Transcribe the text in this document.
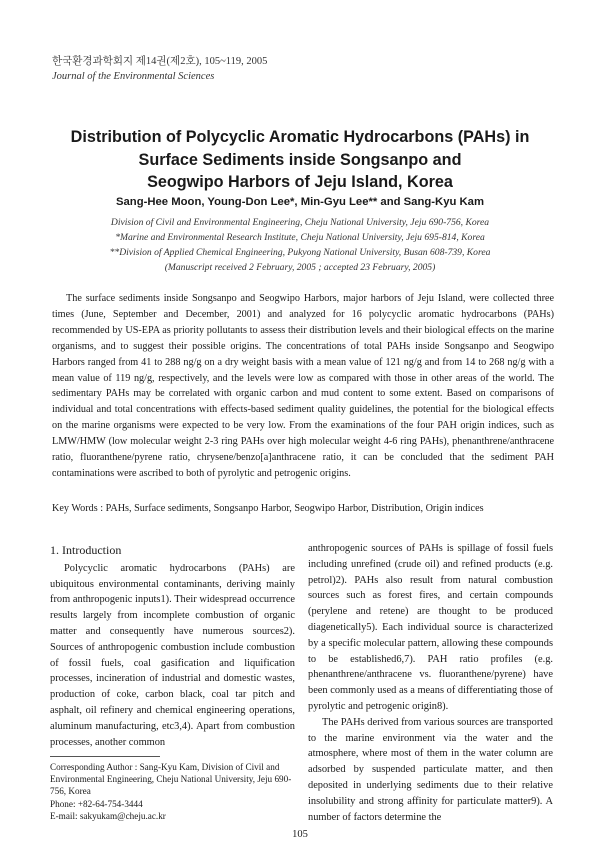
한국환경과학회지 제14권(제2호), 105~119, 2005
Journal of the Environmental Sciences
Distribution of Polycyclic Aromatic Hydrocarbons (PAHs) in
Surface Sediments inside Songsanpo and
Seogwipo Harbors of Jeju Island, Korea
Sang-Hee Moon, Young-Don Lee*, Min-Gyu Lee** and Sang-Kyu Kam
Division of Civil and Environmental Engineering, Cheju National University, Jeju 690-756, Korea
*Marine and Environmental Research Institute, Cheju National University, Jeju 695-814, Korea
**Division of Applied Chemical Engineering, Pukyong National University, Busan 608-739, Korea
(Manuscript received 2 February, 2005 ; accepted 23 February, 2005)
The surface sediments inside Songsanpo and Seogwipo Harbors, major harbors of Jeju Island, were collected three times (June, September and December, 2001) and analyzed for 16 polycyclic aromatic hydrocarbons (PAHs) recommended by US-EPA as priority pollutants to assess their distribution levels and their biological effects on the marine organisms, and to suggest their possible origins. The concentrations of total PAHs inside Songsanpo and Seogwipo Harbors ranged from 41 to 288 ng/g on a dry weight basis with a mean value of 121 ng/g and from 14 to 268 ng/g with a mean value of 119 ng/g, respectively, and the levels were low as compared with those in other areas of the world. The sedimentary PAHs may be correlated with organic carbon and mud content to some extent. Based on comparisons of individual and total concentrations with effects-based sediment quality guidelines, the potential for the biological effects on the marine organisms were expected to be very low. From the examinations of the four PAH origin indices, such as LMW/HMW (low molecular weight 2-3 ring PAHs over high molecular weight 4-6 ring PAHs), phenanthrene/anthracene ratio, fluoranthene/pyrene ratio, chrysene/benzo[a]anthracene ratio, it can be concluded that the sediment PAH contaminations were ascribed to both of pyrolytic and petrogenic origins.
Key Words : PAHs, Surface sediments, Songsanpo Harbor, Seogwipo Harbor, Distribution, Origin indices
1. Introduction

Polycyclic aromatic hydrocarbons (PAHs) are ubiquitous environmental contaminants, deriving mainly from anthropogenic inputs1). Their widespread occurrence results largely from incomplete combustion of organic matter and consequently have numerous sources2). Sources of anthropogenic combustion include combustion of fossil fuels, coal gasification and liquification processes, incineration of industrial and domestic wastes, production of coke, carbon black, coal tar pitch and asphalt, oil refinery and chemical engineering operations, aluminum manufacturing, etc3,4). Apart from combustion processes, another common

anthropogenic sources of PAHs is spillage of fossil fuels including unrefined (crude oil) and refined products (e.g. petrol)2). PAHs also result from natural combustion sources such as forest fires, and certain compounds (perylene and retene) are thought to be produced diagenetically5). Each individual source is characterized by a specific molecular pattern, allowing these compounds to be established6,7). PAH ratio profiles (e.g. phenanthrene/anthracene vs. fluoranthene/pyrene) have been commonly used as a means of differentiating those of pyrolytic and petrogenic origin8).

The PAHs derived from various sources are transported to the marine environment via the water and the atmosphere, where most of them in the water column are adsorbed by suspended particulate matter, and then deposited in underlying sediments due to their relative insolubility and strong affinity for particulate matter9). A number of factors determine the

Corresponding Author : Sang-Kyu Kam, Division of Civil and Environmental Engineering, Cheju National University, Jeju 690-756, Korea
Phone: +82-64-754-3444
E-mail: sakyukam@cheju.ac.kr
105
